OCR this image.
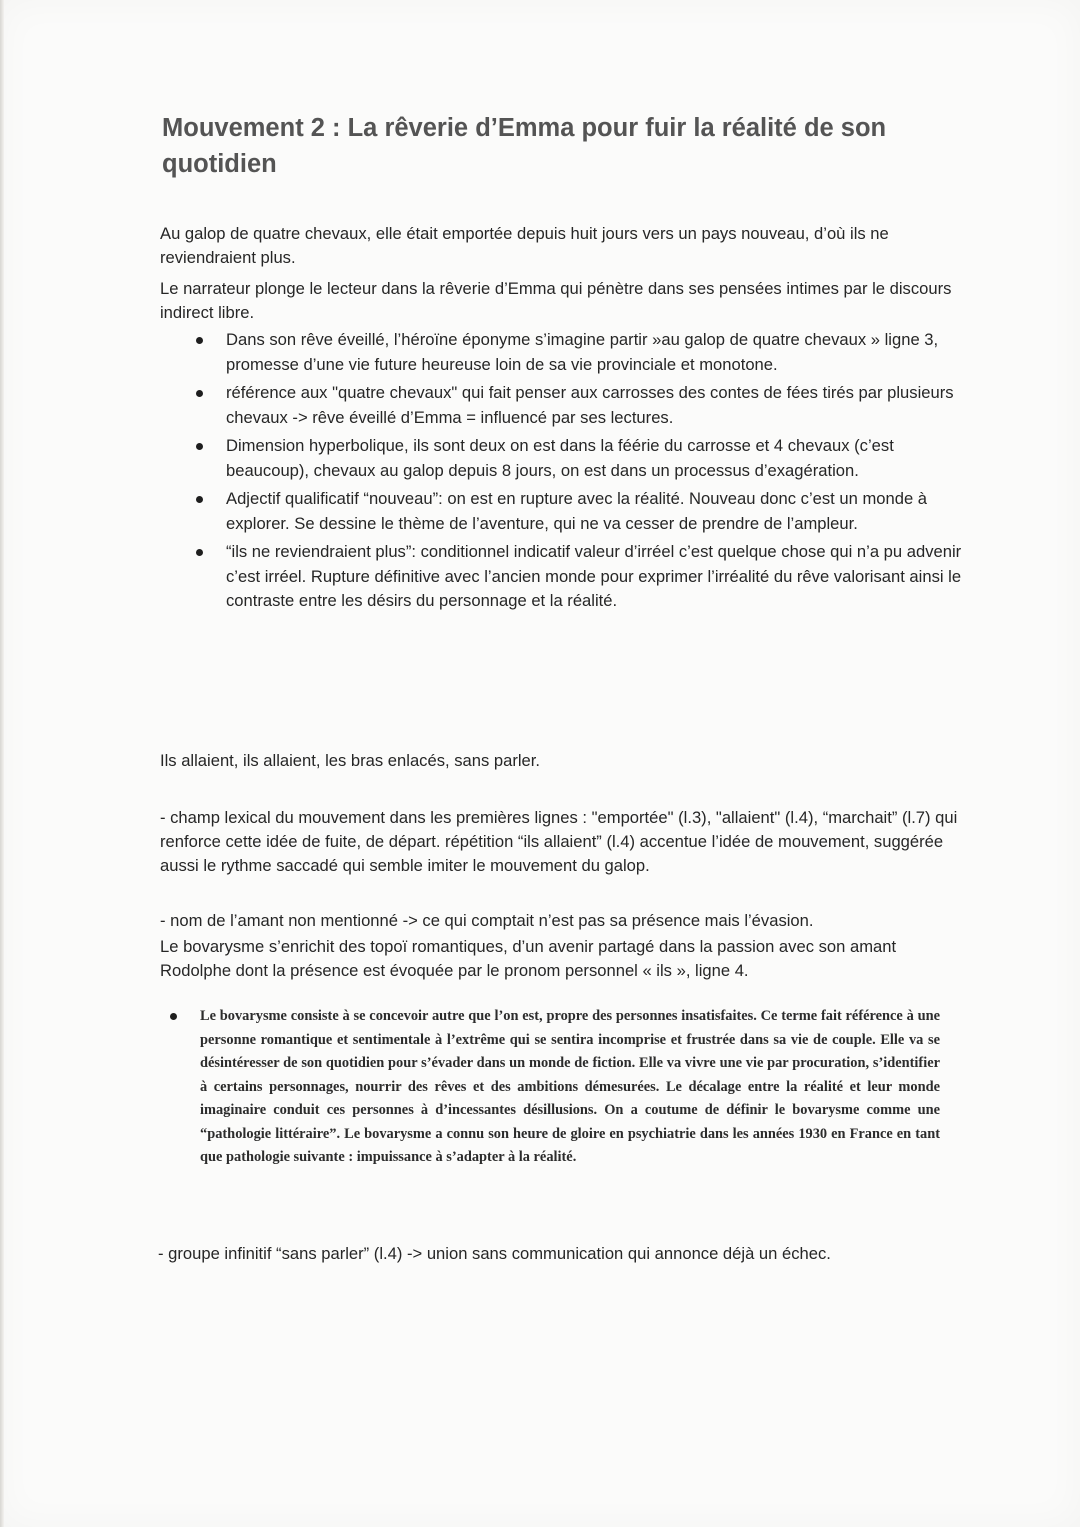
Mouvement 2 : La rêverie d’Emma pour fuir la réalité de son quotidien

Au galop de quatre chevaux, elle était emportée depuis huit jours vers un pays nouveau, d’où ils ne reviendraient plus.

Le narrateur plonge le lecteur dans la rêverie d’Emma qui pénètre dans ses pensées intimes par le discours indirect libre.

Dans son rêve éveillé, l’héroïne éponyme s’imagine partir »au galop de quatre chevaux » ligne 3, promesse d’une vie future heureuse loin de sa vie provinciale et monotone.
référence aux "quatre chevaux" qui fait penser aux carrosses des contes de fées tirés par plusieurs chevaux -> rêve éveillé d’Emma = influencé par ses lectures.
Dimension hyperbolique, ils sont deux on est dans la féérie du carrosse et 4 chevaux (c’est beaucoup), chevaux au galop depuis 8 jours, on est dans un processus d’exagération.
Adjectif qualificatif “nouveau”: on est en rupture avec la réalité. Nouveau donc c’est un monde à explorer. Se dessine le thème de l’aventure, qui ne va cesser de prendre de l’ampleur.
“ils ne reviendraient plus”: conditionnel indicatif valeur d’irréel c’est quelque chose qui n’a pu advenir c’est irréel. Rupture définitive avec l’ancien monde pour exprimer l’irréalité du rêve valorisant ainsi le contraste entre les désirs du personnage et la réalité.

Ils allaient, ils allaient, les bras enlacés, sans parler.

- champ lexical du mouvement dans les premières lignes : "emportée" (l.3), "allaient" (l.4), “marchait” (l.7) qui renforce cette idée de fuite, de départ. répétition “ils allaient” (l.4) accentue l’idée de mouvement, suggérée aussi le rythme saccadé qui semble imiter le mouvement du galop.

- nom de l’amant non mentionné -> ce qui comptait n’est pas sa présence mais l’évasion.

Le bovarysme s’enrichit des topoï romantiques, d’un avenir partagé dans la passion avec son amant Rodolphe dont la présence est évoquée par le pronom personnel « ils », ligne 4.

Le bovarysme consiste à se concevoir autre que l’on est, propre des personnes insatisfaites. Ce terme fait référence à une personne romantique et sentimentale à l’extrême qui se sentira incomprise et frustrée dans sa vie de couple. Elle va se désintéresser de son quotidien pour s’évader dans un monde de fiction. Elle va vivre une vie par procuration, s’identifier à certains personnages, nourrir des rêves et des ambitions démesurées. Le décalage entre la réalité et leur monde imaginaire conduit ces personnes à d’incessantes désillusions. On a coutume de définir le bovarysme comme une “pathologie littéraire”. Le bovarysme a connu son heure de gloire en psychiatrie dans les années 1930 en France en tant que pathologie suivante : impuissance à s’adapter à la réalité.

- groupe infinitif “sans parler” (l.4) -> union sans communication qui annonce déjà un échec.
